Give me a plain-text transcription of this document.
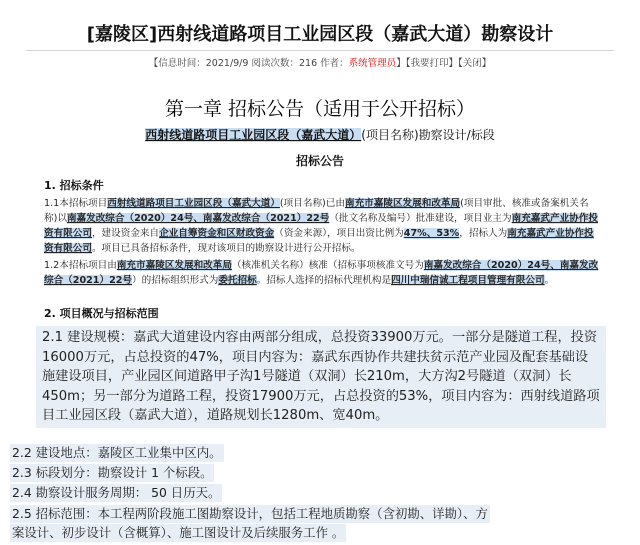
[嘉陵区]西射线道路项目工业园区段（嘉武大道）勘察设计
【信息时间：2021/9/9 阅读次数：216 作者：系统管理员】【我要打印】【关闭】
第一章 招标公告（适用于公开招标）
西射线道路项目工业园区段（嘉武大道）(项目名称)勘察设计/标段
招标公告
1. 招标条件
1.1本招标项目西射线道路项目工业园区段（嘉武大道）(项目名称)已由南充市嘉陵区发展和改革局(项目审批、核准或备案机关名称)以南嘉发改综合（2020）24号、南嘉发改综合（2021）22号（批文名称及编号）批准建设，项目业主为南充嘉武产业协作投资有限公司，建设资金来自企业自筹资金和区财政资金（资金来源），项目出资比例为47%、53%，招标人为南充嘉武产业协作投资有限公司。项目已具备招标条件，现对该项目的勘察设计进行公开招标。
1.2本招标项目由南充市嘉陵区发展和改革局（核准机关名称）核准（招标事项核准文号为南嘉发改综合（2020）24号、南嘉发改综合（2021）22号）的招标组织形式为委托招标。招标人选择的招标代理机构是四川中瑞信诚工程项目管理有限公司。
2. 项目概况与招标范围
2.1 建设规模：嘉武大道建设内容由两部分组成，总投资33900万元。一部分是隧道工程，投资16000万元，占总投资的47%，项目内容为：嘉武东西协作共建扶贫示范产业园及配套基础设施建设项目，产业园区间道路甲子沟1号隧道（双洞）长210m，大方沟2号隧道（双洞）长450m；另一部分为道路工程，投资17900万元，占总投资的53%，项目内容为：西射线道路项目工业园区段（嘉武大道），道路规划长1280m、宽40m。
2.2 建设地点：嘉陵区工业集中区内。
2.3 标段划分：勘察设计 1 个标段。
2.4 勘察设计服务周期： 50 日历天。
2.5 招标范围：本工程两阶段施工图勘察设计，包括工程地质勘察（含初勘、详勘）、方
案设计、初步设计（含概算）、施工图设计及后续服务工作 。
